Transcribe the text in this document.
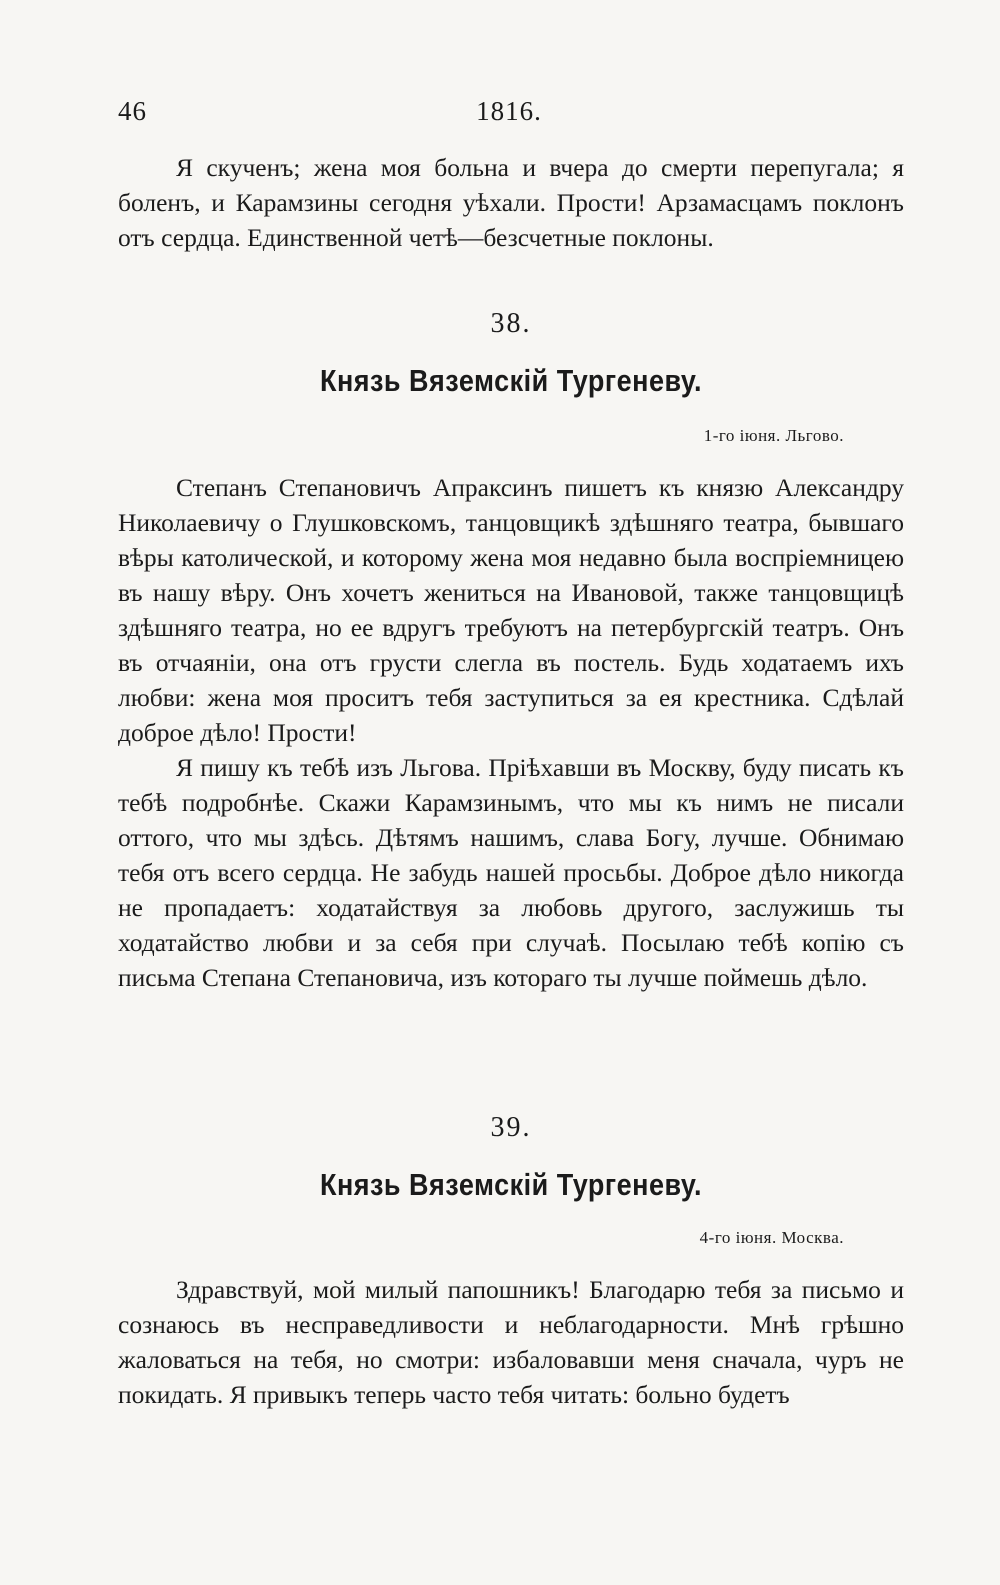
46	1816.

Я скученъ; жена моя больна и вчера до смерти перепугала; я боленъ, и Карамзины сегодня уѣхали. Прости! Арзамасцамъ поклонъ отъ сердца. Единственной четѣ—безсчетные поклоны.

38.
Князь Вяземскій Тургеневу.
1-го іюня. Льгово.

Степанъ Степановичъ Апраксинъ пишетъ къ князю Александру Николаевичу о Глушковскомъ, танцовщикѣ здѣшняго театра, бывшаго вѣры католической, и которому жена моя недавно была воспріемницею въ нашу вѣру. Онъ хочетъ жениться на Ивановой, также танцовщицѣ здѣшняго театра, но ее вдругъ требуютъ на петербургскій театръ. Онъ въ отчаяніи, она отъ грусти слегла въ постель. Будь ходатаемъ ихъ любви: жена моя проситъ тебя заступиться за ея крестника. Сдѣлай доброе дѣло! Прости!

Я пишу къ тебѣ изъ Льгова. Пріѣхавши въ Москву, буду писать къ тебѣ подробнѣе. Скажи Карамзинымъ, что мы къ нимъ не писали оттого, что мы здѣсь. Дѣтямъ нашимъ, слава Богу, лучше. Обнимаю тебя отъ всего сердца. Не забудь нашей просьбы. Доброе дѣло никогда не пропадаетъ: ходатайствуя за любовь другого, заслужишь ты ходатайство любви и за себя при случаѣ. Посылаю тебѣ копію съ письма Степана Степановича, изъ котораго ты лучше поймешь дѣло.

39.
Князь Вяземскій Тургеневу.
4-го іюня. Москва.

Здравствуй, мой милый папошникъ! Благодарю тебя за письмо и сознаюсь въ несправедливости и неблагодарности. Мнѣ грѣшно жаловаться на тебя, но смотри: избаловавши меня сначала, чуръ не покидать. Я привыкъ теперь часто тебя читать: больно будетъ
